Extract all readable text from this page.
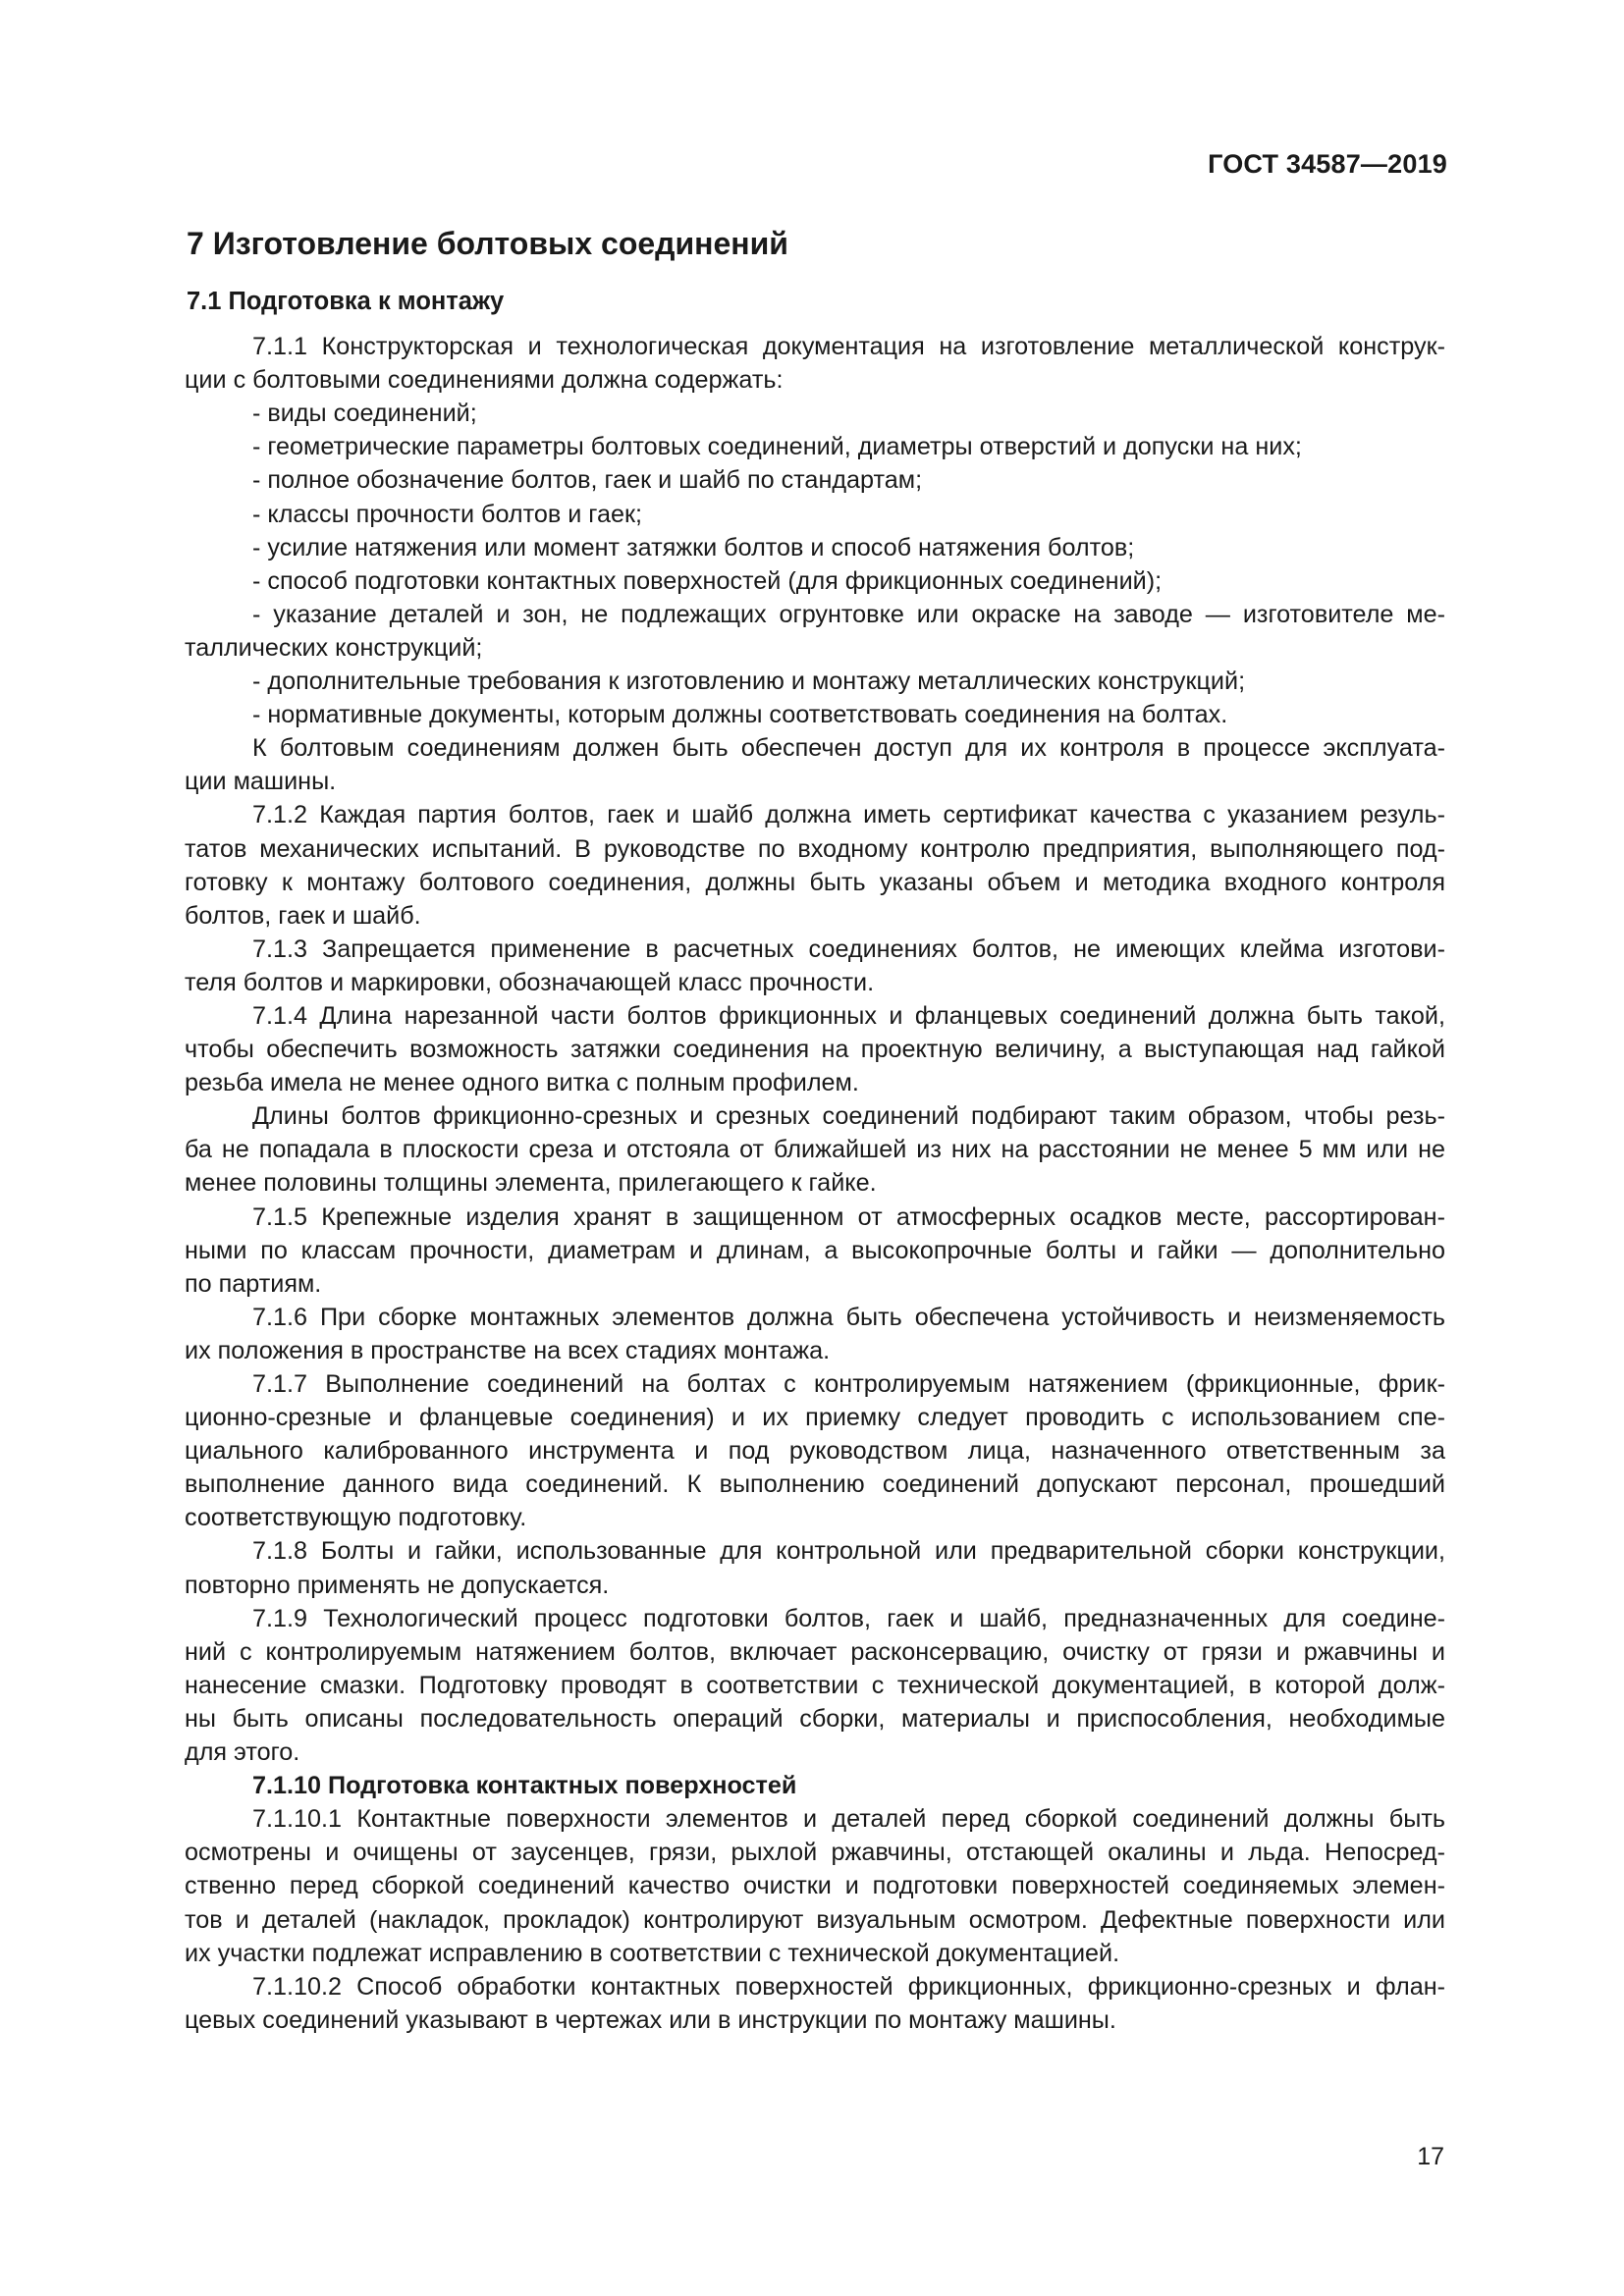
ГОСТ 34587—2019
7 Изготовление болтовых соединений
7.1 Подготовка к монтажу
7.1.1 Конструкторская и технологическая документация на изготовление металлической конструк-
ции с болтовыми соединениями должна содержать:
- виды соединений;
- геометрические параметры болтовых соединений, диаметры отверстий и допуски на них;
- полное обозначение болтов, гаек и шайб по стандартам;
- классы прочности болтов и гаек;
- усилие натяжения или момент затяжки болтов и способ натяжения болтов;
- способ подготовки контактных поверхностей (для фрикционных соединений);
- указание деталей и зон, не подлежащих огрунтовке или окраске на заводе — изготовителе ме-
таллических конструкций;
- дополнительные требования к изготовлению и монтажу металлических конструкций;
- нормативные документы, которым должны соответствовать соединения на болтах.
К болтовым соединениям должен быть обеспечен доступ для их контроля в процессе эксплуата-
ции машины.
7.1.2 Каждая партия болтов, гаек и шайб должна иметь сертификат качества с указанием резуль-
татов механических испытаний. В руководстве по входному контролю предприятия, выполняющего под-
готовку к монтажу болтового соединения, должны быть указаны объем и методика входного контроля
болтов, гаек и шайб.
7.1.3 Запрещается применение в расчетных соединениях болтов, не имеющих клейма изготови-
теля болтов и маркировки, обозначающей класс прочности.
7.1.4 Длина нарезанной части болтов фрикционных и фланцевых соединений должна быть такой,
чтобы обеспечить возможность затяжки соединения на проектную величину, а выступающая над гайкой
резьба имела не менее одного витка с полным профилем.
Длины болтов фрикционно-срезных и срезных соединений подбирают таким образом, чтобы резь-
ба не попадала в плоскости среза и отстояла от ближайшей из них на расстоянии не менее 5 мм или не
менее половины толщины элемента, прилегающего к гайке.
7.1.5 Крепежные изделия хранят в защищенном от атмосферных осадков месте, рассортирован-
ными по классам прочности, диаметрам и длинам, а высокопрочные болты и гайки — дополнительно
по партиям.
7.1.6 При сборке монтажных элементов должна быть обеспечена устойчивость и неизменяемость
их положения в пространстве на всех стадиях монтажа.
7.1.7 Выполнение соединений на болтах с контролируемым натяжением (фрикционные, фрик-
ционно-срезные и фланцевые соединения) и их приемку следует проводить с использованием спе-
циального калиброванного инструмента и под руководством лица, назначенного ответственным за
выполнение данного вида соединений. К выполнению соединений допускают персонал, прошедший
соответствующую подготовку.
7.1.8 Болты и гайки, использованные для контрольной или предварительной сборки конструкции,
повторно применять не допускается.
7.1.9 Технологический процесс подготовки болтов, гаек и шайб, предназначенных для соедине-
ний с контролируемым натяжением болтов, включает расконсервацию, очистку от грязи и ржавчины и
нанесение смазки. Подготовку проводят в соответствии с технической документацией, в которой долж-
ны быть описаны последовательность операций сборки, материалы и приспособления, необходимые
для этого.
7.1.10 Подготовка контактных поверхностей
7.1.10.1 Контактные поверхности элементов и деталей перед сборкой соединений должны быть
осмотрены и очищены от заусенцев, грязи, рыхлой ржавчины, отстающей окалины и льда. Непосред-
ственно перед сборкой соединений качество очистки и подготовки поверхностей соединяемых элемен-
тов и деталей (накладок, прокладок) контролируют визуальным осмотром. Дефектные поверхности или
их участки подлежат исправлению в соответствии с технической документацией.
7.1.10.2 Способ обработки контактных поверхностей фрикционных, фрикционно-срезных и флан-
цевых соединений указывают в чертежах или в инструкции по монтажу машины.
17
